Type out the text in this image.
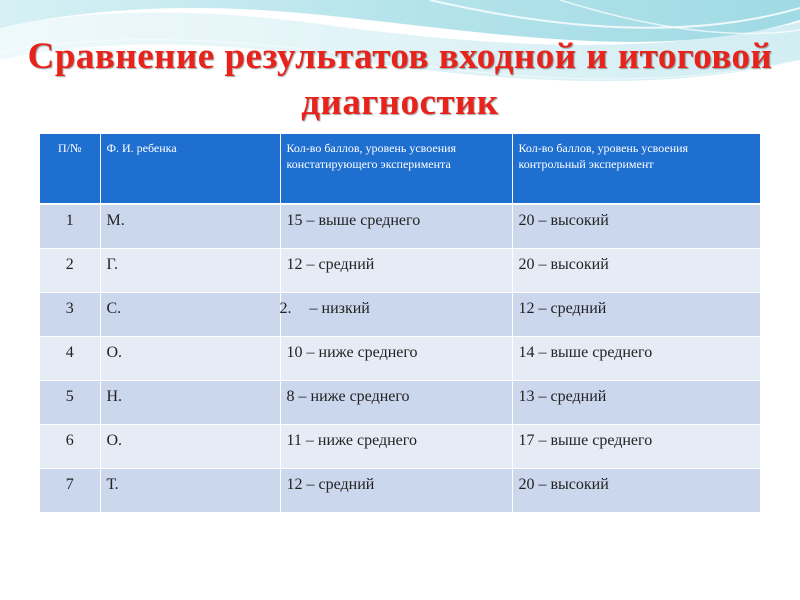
Сравнение результатов входной и итоговой диагностик
П/№	Ф. И. ребенка	Кол-во баллов, уровень усвоения констатирующего эксперимента	Кол-во баллов, уровень усвоения контрольный эксперимент
1	М.	15 – выше среднего	20 – высокий
2	Г.	12 – средний	20 – высокий
3	С.	2. – низкий	12 – средний
4	О.	10 – ниже среднего	14 – выше среднего
5	Н.	8 – ниже среднего	13 – средний
6	О.	11 – ниже среднего	17 – выше среднего
7	Т.	12 – средний	20 – высокий
